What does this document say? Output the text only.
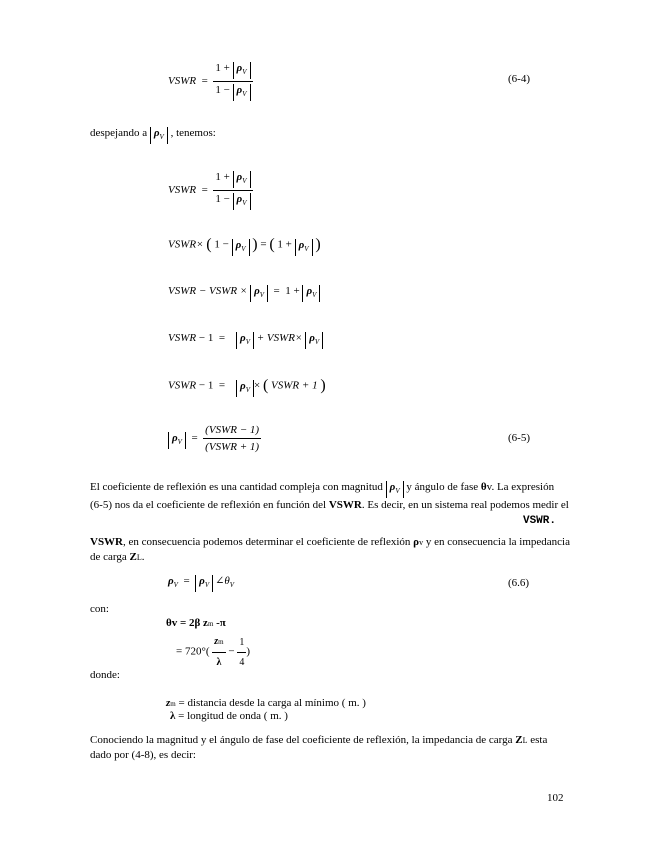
VSWR  = $\frac{1 + \rho_V}{1 - \rho_V}$	(6-4)
despejando a $\rho_V$ , tenemos:
VSWR  = $\frac{1 + \rho_V}{1 - \rho_V}$
VSWR× ( $1 - \rho_V$ ) = ( $1 + \rho_V$ )
VSWR − VSWR × $\rho_V = 1 + \rho_V$
VSWR − $1 = \rho_V$ + VSWR× $\rho_V$
VSWR − $1 = \rho_V$ × ( VSWR + 1 )
$\rho_V = \frac{\text{(VSWR − 1)}}{\text{(VSWR + 1)}}$	(6-5)
El coeficiente de reflexión es una cantidad compleja con magnitud $\rho_V$ y ángulo de fase θv. La expresión
(6-5) nos da el coeficiente de reflexión en función del VSWR. Es decir, en un sistema real podemos medir el
VSWR.
VSWR, en consecuencia podemos determinar el coeficiente de reflexión ρv y en consecuencia la impedancia
de carga ZL.
$\rho_V = \rho_V$ $\angle\theta_V$	(6.6)
con:
θv = 2β zm -π
= $720^\circ( \frac{zm}{\lambda} - \frac{1}{4}$ )
donde:
zm = distancia desde la carga al mínimo ( m. )
λ = longitud de onda ( m. )
Conociendo la magnitud y el ángulo de fase del coeficiente de reflexión, la impedancia de carga ZL esta
dado por (4-8), es decir:
102
